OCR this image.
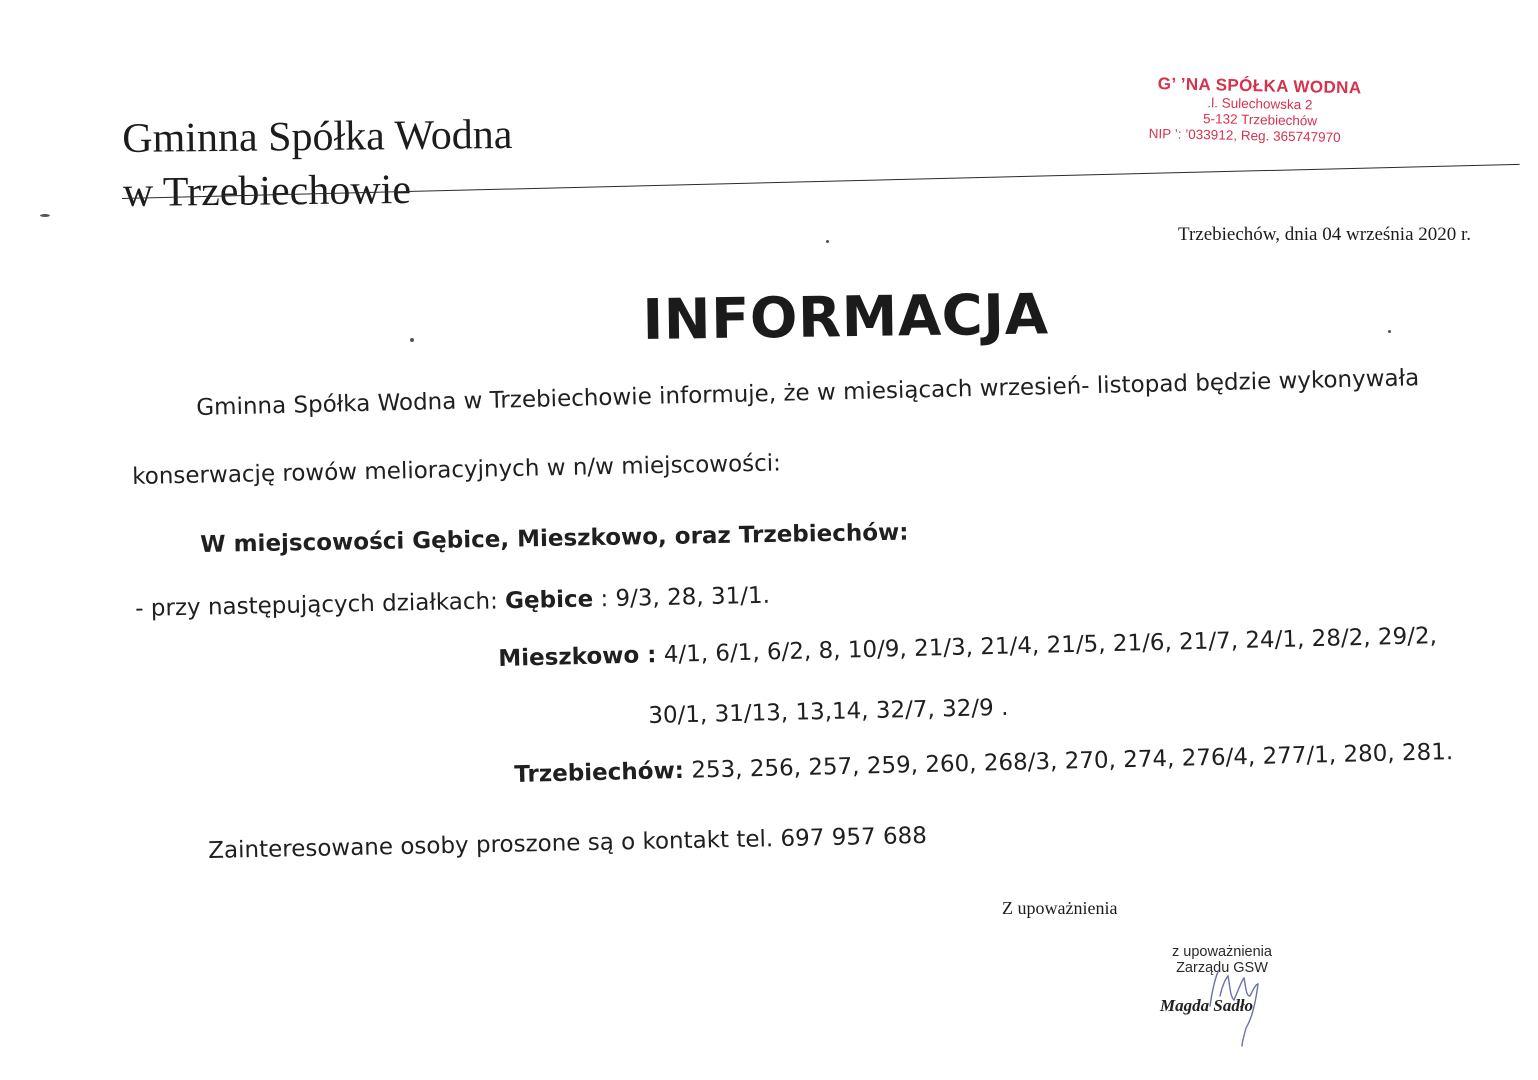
Gminna Spółka Wodna
w Trzebiechowie
G’ ’NA SPÓŁKA WODNA
.l. Sulechowska 2
5-132 Trzebiechów
NIP ’: ’033912, Reg. 365747970
Trzebiechów, dnia 04 września 2020 r.
INFORMACJA
Gminna Spółka Wodna w Trzebiechowie informuje, że w miesiącach wrzesień- listopad będzie wykonywała
konserwację rowów melioracyjnych w n/w miejscowości:
W miejscowości Gębice, Mieszkowo, oraz Trzebiechów:
- przy następujących działkach: Gębice : 9/3, 28, 31/1.
Mieszkowo : 4/1, 6/1, 6/2, 8, 10/9, 21/3, 21/4, 21/5, 21/6, 21/7, 24/1, 28/2, 29/2,
30/1, 31/13, 13,14, 32/7, 32/9 .
Trzebiechów: 253, 256, 257, 259, 260, 268/3, 270, 274, 276/4, 277/1, 280, 281.
Zainteresowane osoby proszone są o kontakt tel. 697 957 688
Z upoważnienia
z upoważnienia
Zarządu GSW
Magda Sadło
